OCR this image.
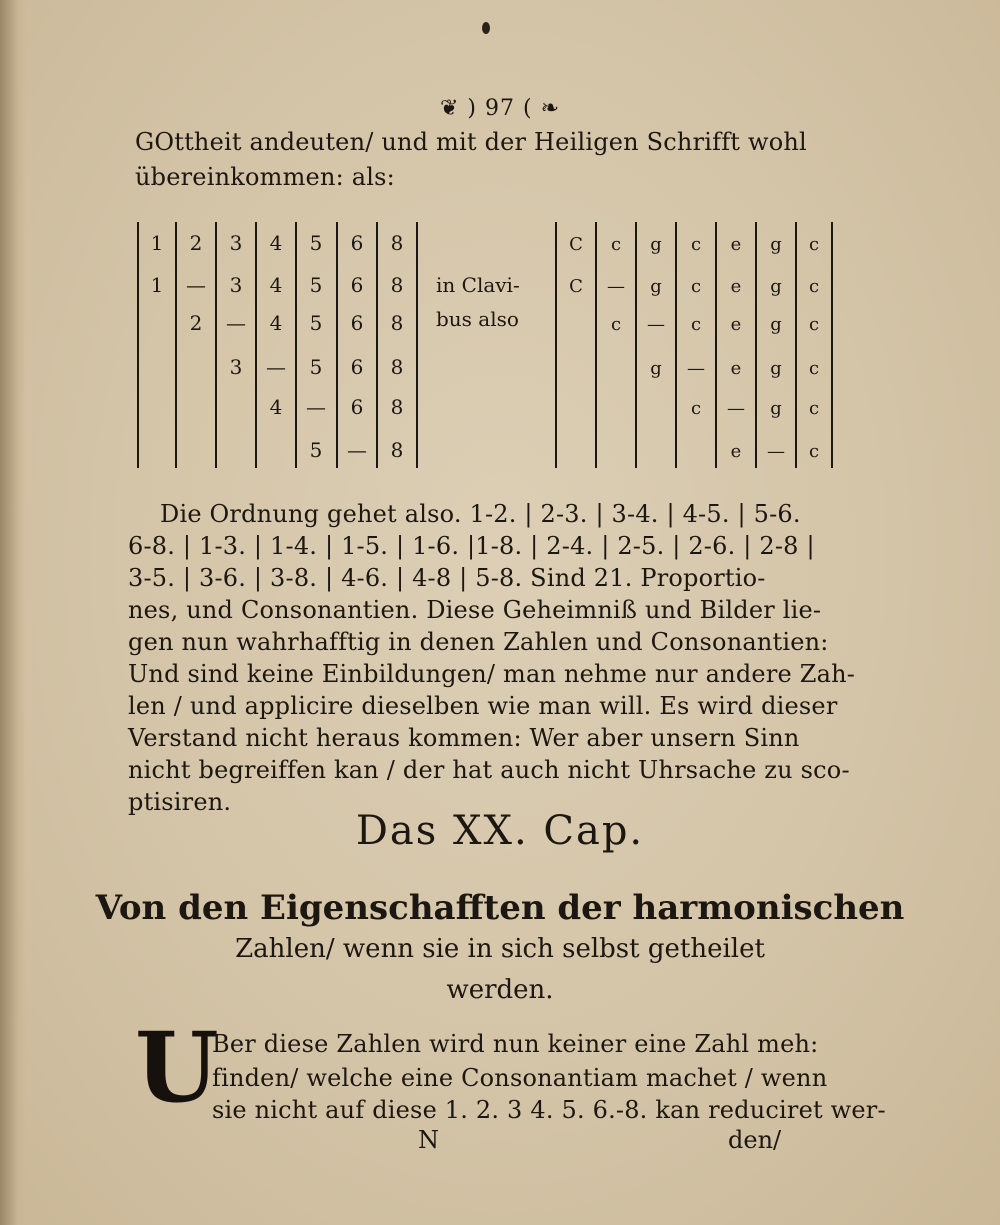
❦ ) 97 ( ❧
GOttheit andeuten/ und mit der Heiligen Schrifft wohl
übereinkommen: als:
1 2 3 4 5 6 8
1 — 3 4 5 6 8
2 — 4 5 6 8
3 — 5 6 8
4 — 6 8
5 — 8
C c g c e g c
C — g c e g c
c — c e g c
g — e g c
c — g c
e — c
in Clavi-
bus also
Die Ordnung gehet also. 1-2. | 2-3. | 3-4. | 4-5. | 5-6.
6-8. | 1-3. | 1-4. | 1-5. | 1-6. |1-8. | 2-4. | 2-5. | 2-6. | 2-8 |
3-5. | 3-6. | 3-8. | 4-6. | 4-8 | 5-8. Sind 21. Proportio-
nes, und Consonantien. Diese Geheimniß und Bilder lie-
gen nun wahrhafftig in denen Zahlen und Consonantien:
Und sind keine Einbildungen/ man nehme nur andere Zah-
len / und applicire dieselben wie man will. Es wird dieser
Verstand nicht heraus kommen: Wer aber unsern Sinn
nicht begreiffen kan / der hat auch nicht Uhrsache zu sco-
ptisiren.
Das XX. Cap.
Von den Eigenschafften der harmonischen
Zahlen/ wenn sie in sich selbst getheilet
werden.
U
Ber diese Zahlen wird nun keiner eine Zahl meh:
finden/ welche eine Consonantiam machet / wenn
sie nicht auf diese 1. 2. 3 4. 5. 6.-8. kan reduciret wer-
N	den/
